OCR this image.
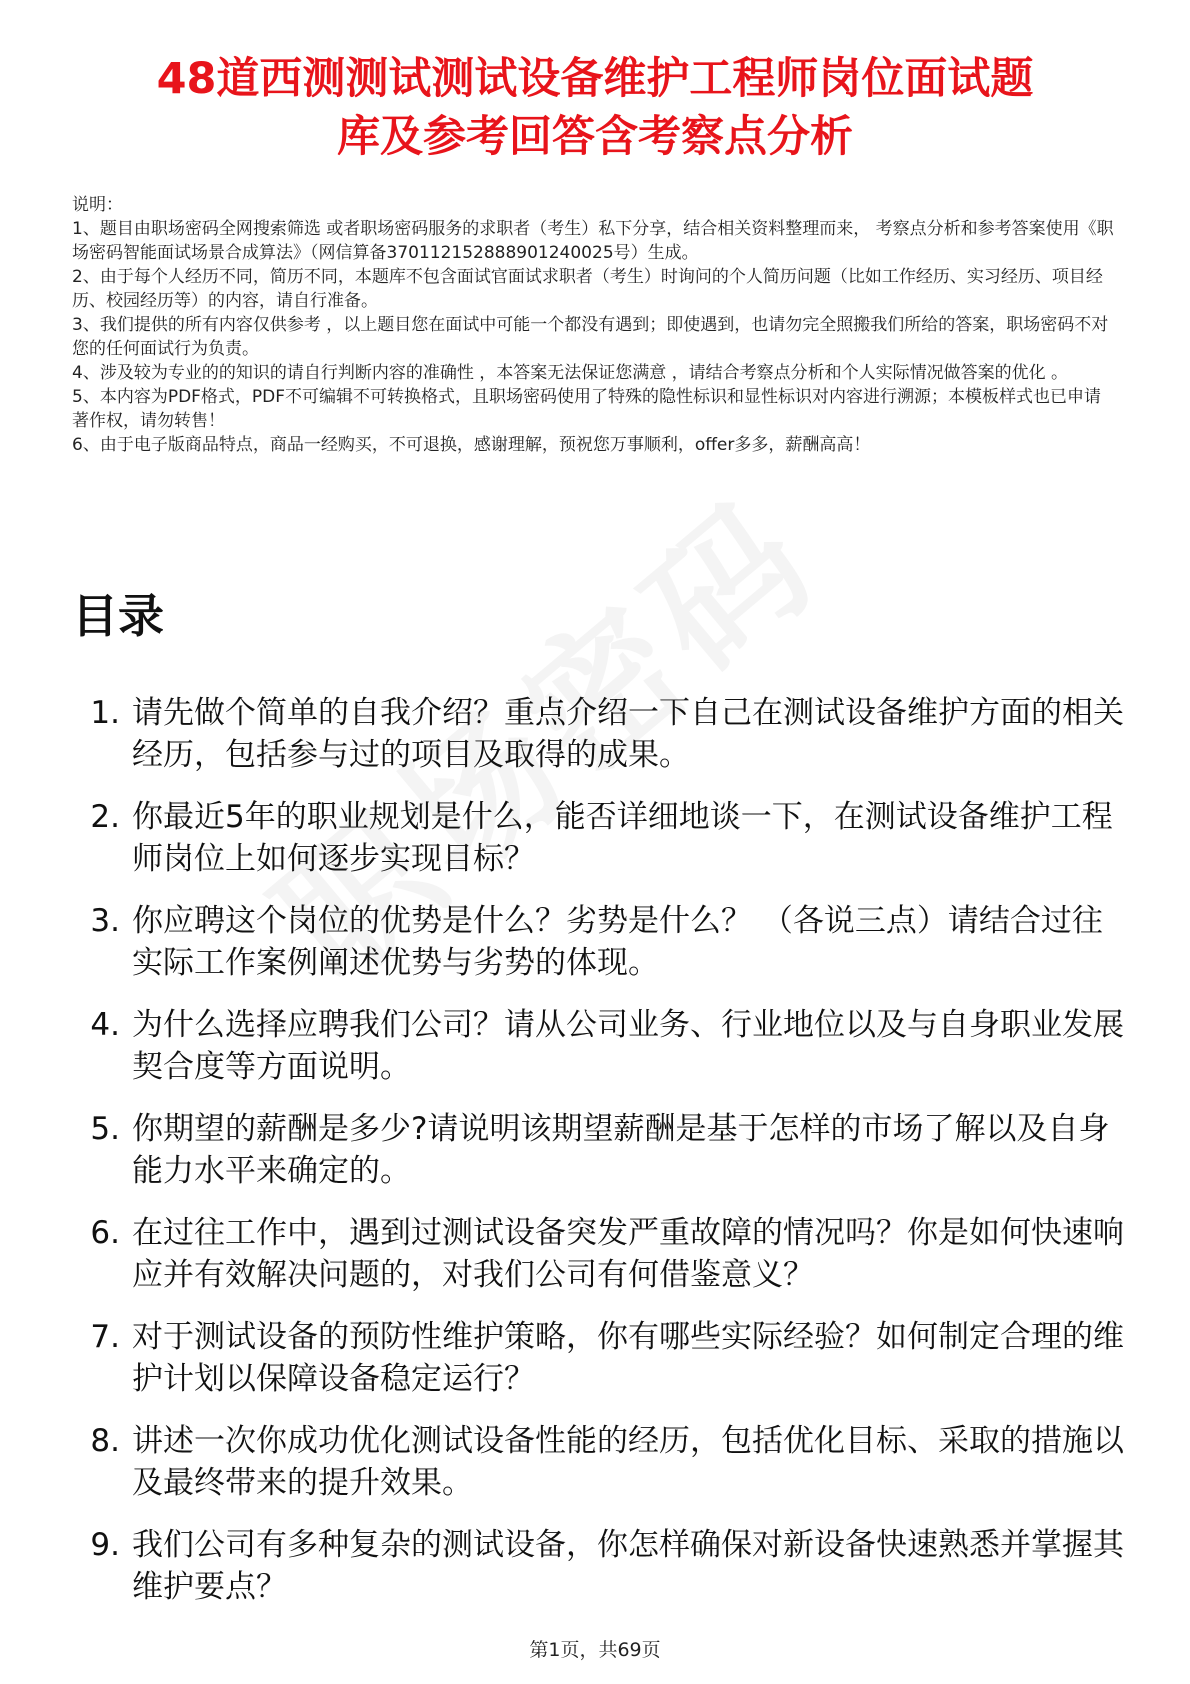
48道西测测试测试设备维护工程师岗位面试题
库及参考回答含考察点分析

说明：

1、题目由职场密码全网搜索筛选 或者职场密码服务的求职者（考生）私下分享，结合相关资料整理而来， 考察点分析和参考答案使用《职场密码智能面试场景合成算法》（网信算备370112152888901240025号）生成。

2、由于每个人经历不同，简历不同，本题库不包含面试官面试求职者（考生）时询问的个人简历问题（比如工作经历、实习经历、项目经历、校园经历等）的内容，请自行准备。

3、我们提供的所有内容仅供参考 ，以上题目您在面试中可能一个都没有遇到；即使遇到，也请勿完全照搬我们所给的答案，职场密码不对您的任何面试行为负责。

4、涉及较为专业的的知识的请自行判断内容的准确性 ，本答案无法保证您满意 ，请结合考察点分析和个人实际情况做答案的优化 。

5、本内容为PDF格式，PDF不可编辑不可转换格式，且职场密码使用了特殊的隐性标识和显性标识对内容进行溯源；本模板样式也已申请著作权，请勿转售！

6、由于电子版商品特点，商品一经购买，不可退换，感谢理解，预祝您万事顺利，offer多多，薪酬高高！

目录
1. 请先做个简单的自我介绍？重点介绍一下自己在测试设备维护方面的相关经历，包括参与过的项目及取得的成果。
2. 你最近5年的职业规划是什么，能否详细地谈一下，在测试设备维护工程师岗位上如何逐步实现目标？
3. 你应聘这个岗位的优势是什么？劣势是什么？ （各说三点）请结合过往实际工作案例阐述优势与劣势的体现。
4. 为什么选择应聘我们公司？请从公司业务、行业地位以及与自身职业发展契合度等方面说明。
5. 你期望的薪酬是多少?请说明该期望薪酬是基于怎样的市场了解以及自身能力水平来确定的。
6. 在过往工作中，遇到过测试设备突发严重故障的情况吗？你是如何快速响应并有效解决问题的，对我们公司有何借鉴意义？
7. 对于测试设备的预防性维护策略，你有哪些实际经验？如何制定合理的维护计划以保障设备稳定运行？
8. 讲述一次你成功优化测试设备性能的经历，包括优化目标、采取的措施以及最终带来的提升效果。
9. 我们公司有多种复杂的测试设备，你怎样确保对新设备快速熟悉并掌握其维护要点？
第1页，共69页
